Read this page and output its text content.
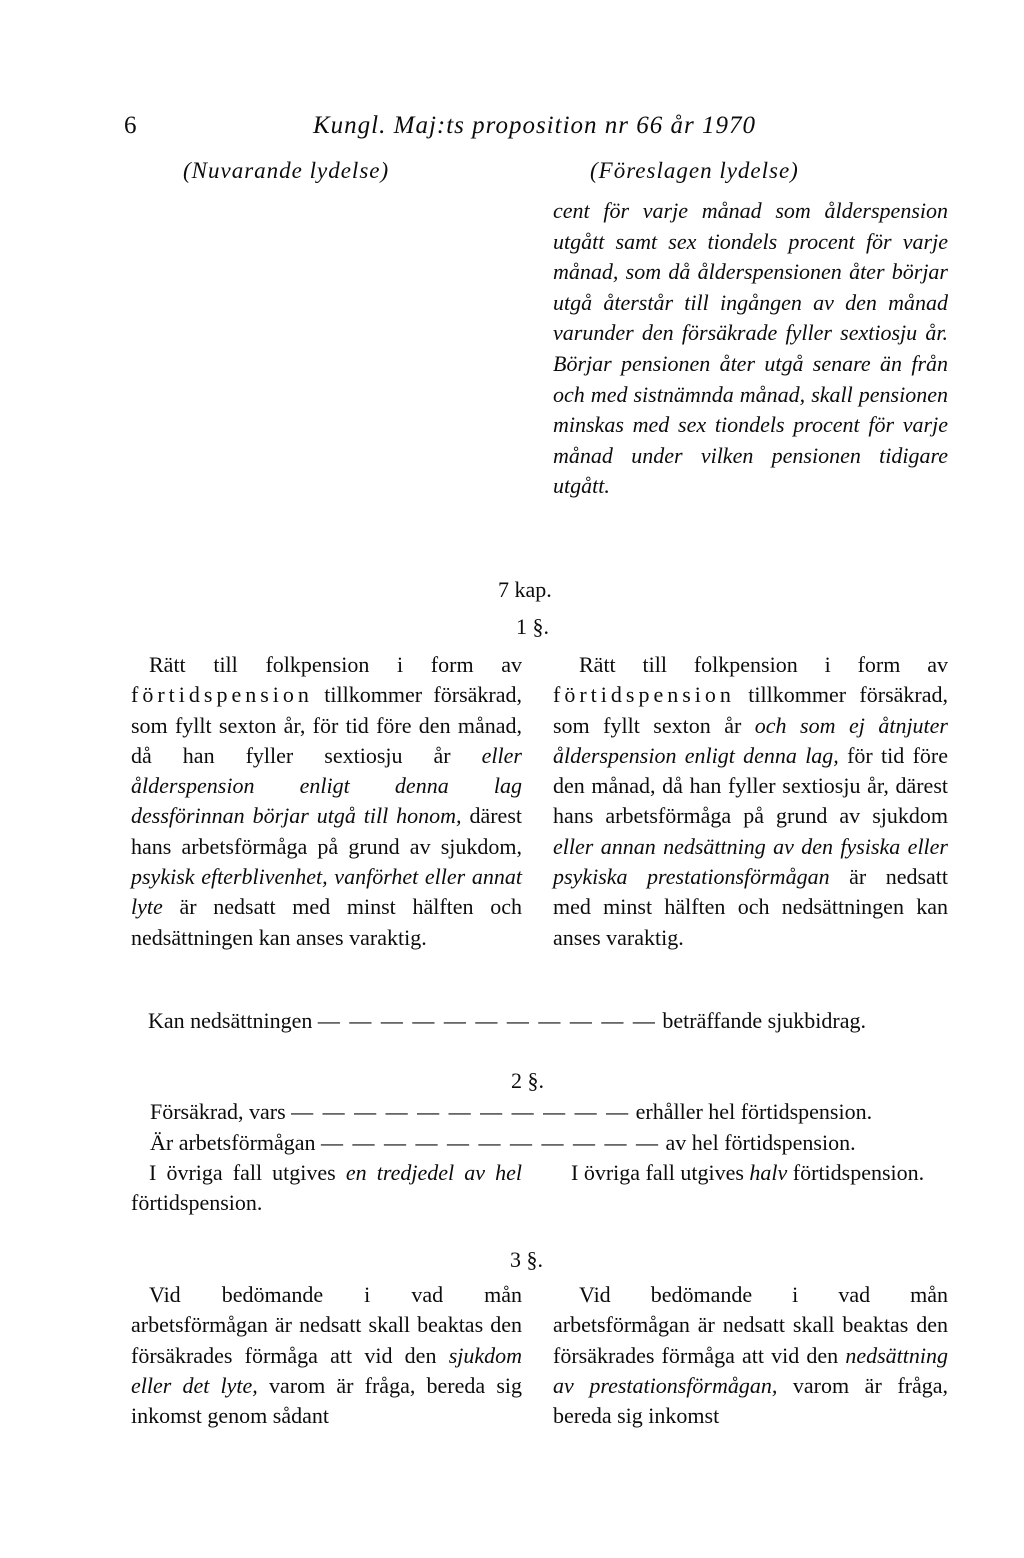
6	Kungl. Maj:ts proposition nr 66 år 1970
(Nuvarande lydelse)	(Föreslagen lydelse)

cent för varje månad som ålderspension utgått samt sex tiondels procent för varje månad, som då ålderspensionen åter börjar utgå återstår till ingången av den månad varunder den försäkrade fyller sextiosju år. Börjar pensionen åter utgå senare än från och med sistnämnda månad, skall pensionen minskas med sex tiondels procent för varje månad under vilken pensionen tidigare utgått.

7 kap.
1 §.

Rätt till folkpension i form av förtidspension tillkommer försäkrad, som fyllt sexton år, för tid före den månad, då han fyller sextiosju år eller ålderspension enligt denna lag dessförinnan börjar utgå till honom, därest hans arbetsförmåga på grund av sjukdom, psykisk efterblivenhet, vanförhet eller annat lyte är nedsatt med minst hälften och nedsättningen kan anses varaktig.

Rätt till folkpension i form av förtidspension tillkommer försäkrad, som fyllt sexton år och som ej åtnjuter ålderspension enligt denna lag, för tid före den månad, då han fyller sextiosju år, därest hans arbetsförmåga på grund av sjukdom eller annan nedsättning av den fysiska eller psykiska prestationsförmågan är nedsatt med minst hälften och nedsättningen kan anses varaktig.

Kan nedsättningen — — — — — — — — — — — beträffande sjukbidrag.
2 §.
Försäkrad, vars — — — — — — — — — — — erhåller hel förtidspension.
Är arbetsförmågan — — — — — — — — — — — av hel förtidspension.

I övriga fall utgives en tredjedel av hel förtidspension.

I övriga fall utgives halv förtidspension.

3 §.

Vid bedömande i vad mån arbetsförmågan är nedsatt skall beaktas den försäkrades förmåga att vid den sjukdom eller det lyte, varom är fråga, bereda sig inkomst genom sådant

Vid bedömande i vad mån arbetsförmågan är nedsatt skall beaktas den försäkrades förmåga att vid den nedsättning av prestationsförmågan, varom är fråga, bereda sig inkomst
